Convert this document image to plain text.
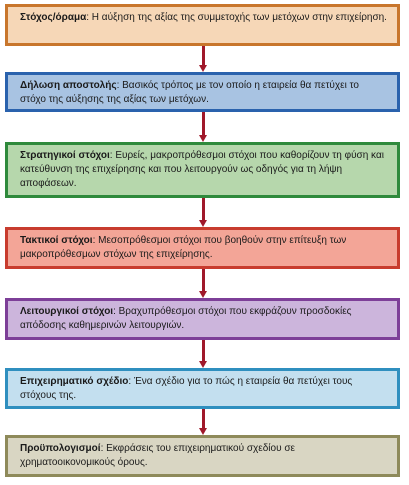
Στόχος/όραμα: Η αύξηση της αξίας της συμμετοχής των μετόχων στην επιχείρηση.
Δήλωση αποστολής: Βασικός τρόπος με τον οποίο η εταιρεία θα πετύχει το στόχο της αύξησης της αξίας των μετόχων.
Στρατηγικοί στόχοι: Ευρείς, μακροπρόθεσμοι στόχοι που καθορίζουν τη φύση και κατεύθυνση της επιχείρησης και που λειτουργούν ως οδηγός για τη λήψη αποφάσεων.
Τακτικοί στόχοι: Μεσοπρόθεσμοι στόχοι που βοηθούν στην επίτευξη των μακροπρόθεσμων στόχων της επιχείρησης.
Λειτουργικοί στόχοι: Βραχυπρόθεσμοι στόχοι που εκφράζουν προσδοκίες απόδοσης καθημερινών λειτουργιών.
Επιχειρηματικό σχέδιο: Ένα σχέδιο για το πώς η εταιρεία θα πετύχει τους στόχους της.
Προϋπολογισμοί: Εκφράσεις του επιχειρηματικού σχεδίου σε χρηματοοικονομικούς όρους.
